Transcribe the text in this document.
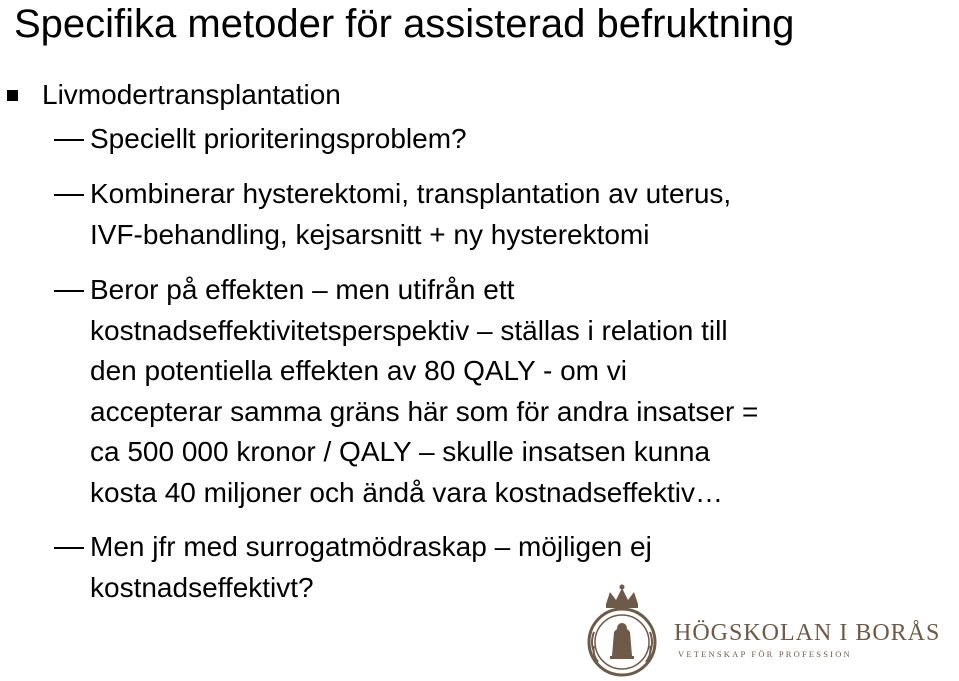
Specifika metoder för assisterad befruktning
Livmodertransplantation
Speciellt prioriteringsproblem?
Kombinerar hysterektomi, transplantation av uterus,
IVF-behandling, kejsarsnitt + ny hysterektomi
Beror på effekten – men utifrån ett
kostnadseffektivitetsperspektiv – ställas i relation till
den potentiella effekten av 80 QALY - om vi
accepterar samma gräns här som för andra insatser =
ca 500 000 kronor / QALY – skulle insatsen kunna
kosta 40 miljoner och ändå vara kostnadseffektiv…
Men jfr med surrogatmödraskap – möjligen ej
kostnadseffektivt?
HÖGSKOLAN I BORÅS
VETENSKAP FÖR PROFESSION
